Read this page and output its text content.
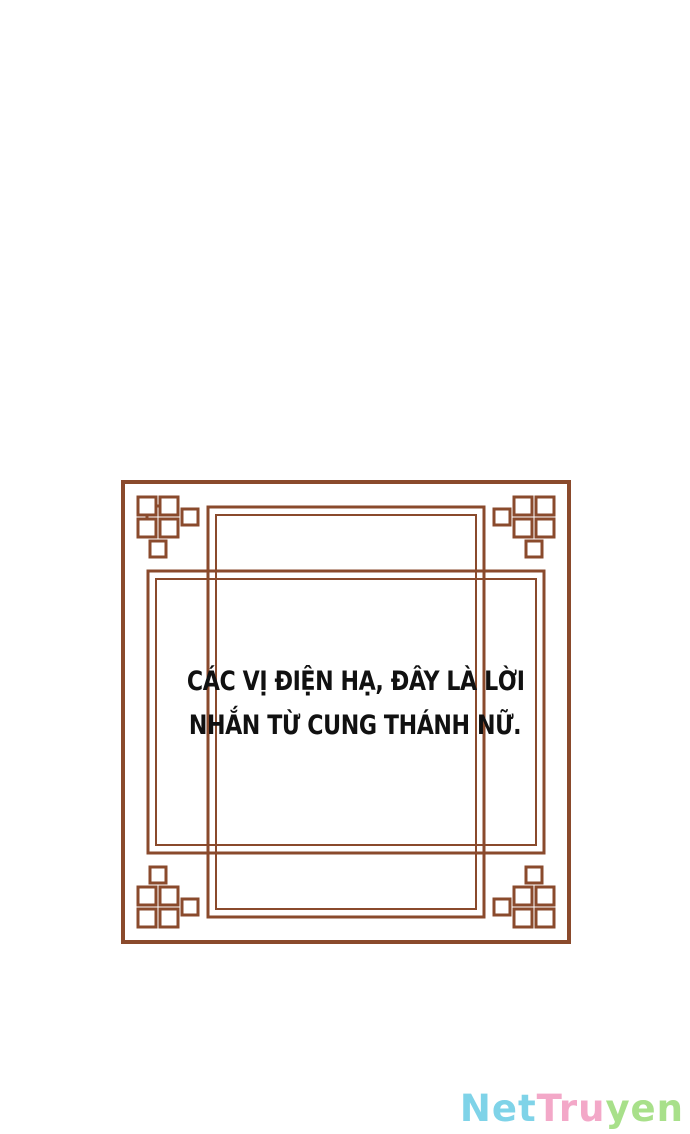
CÁC VỊ ĐIỆN HẠ, ĐÂY LÀ LỜI
NHẮN TỪ CUNG THÁNH NỮ.
NetTruyen
